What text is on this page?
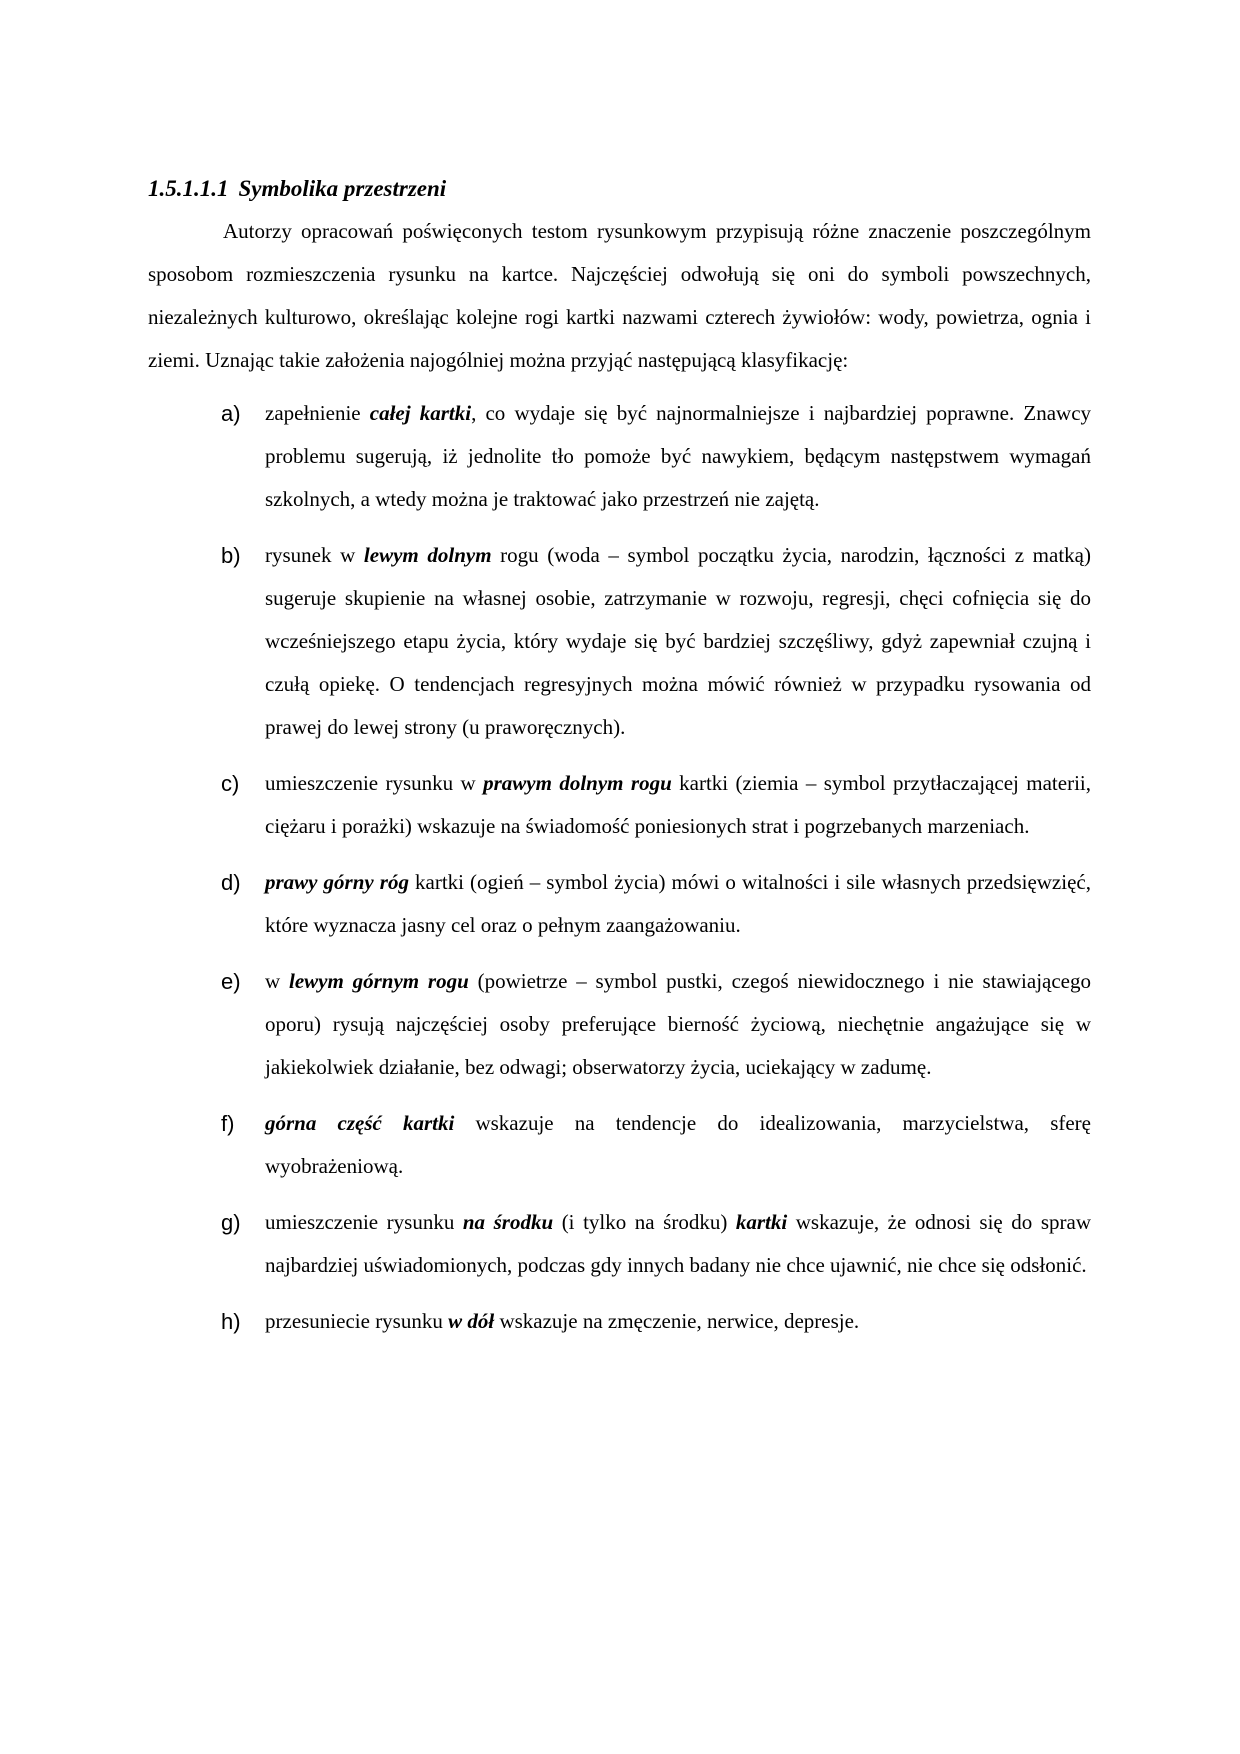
1.5.1.1.1 Symbolika przestrzeni

Autorzy opracowań poświęconych testom rysunkowym przypisują różne znaczenie poszczególnym sposobom rozmieszczenia rysunku na kartce. Najczęściej odwołują się oni do symboli powszechnych, niezależnych kulturowo, określając kolejne rogi kartki nazwami czterech żywiołów: wody, powietrza, ognia i ziemi. Uznając takie założenia najogólniej można przyjąć następującą klasyfikację:

a) zapełnienie całej kartki, co wydaje się być najnormalniejsze i najbardziej poprawne. Znawcy problemu sugerują, iż jednolite tło pomoże być nawykiem, będącym następstwem wymagań szkolnych, a wtedy można je traktować jako przestrzeń nie zajętą.
b) rysunek w lewym dolnym rogu (woda – symbol początku życia, narodzin, łączności z matką) sugeruje skupienie na własnej osobie, zatrzymanie w rozwoju, regresji, chęci cofnięcia się do wcześniejszego etapu życia, który wydaje się być bardziej szczęśliwy, gdyż zapewniał czujną i czułą opiekę. O tendencjach regresyjnych można mówić również w przypadku rysowania od prawej do lewej strony (u praworęcznych).
c) umieszczenie rysunku w prawym dolnym rogu kartki (ziemia – symbol przytłaczającej materii, ciężaru i porażki) wskazuje na świadomość poniesionych strat i pogrzebanych marzeniach.
d) prawy górny róg kartki (ogień – symbol życia) mówi o witalności i sile własnych przedsięwzięć, które wyznacza jasny cel oraz o pełnym zaangażowaniu.
e) w lewym górnym rogu (powietrze – symbol pustki, czegoś niewidocznego i nie stawiającego oporu) rysują najczęściej osoby preferujące bierność życiową, niechętnie angażujące się w jakiekolwiek działanie, bez odwagi; obserwatorzy życia, uciekający w zadumę.
f) górna część kartki wskazuje na tendencje do idealizowania, marzycielstwa, sferę wyobrażeniową.
g) umieszczenie rysunku na środku (i tylko na środku) kartki wskazuje, że odnosi się do spraw najbardziej uświadomionych, podczas gdy innych badany nie chce ujawnić, nie chce się odsłonić.
h) przesuniecie rysunku w dół wskazuje na zmęczenie, nerwice, depresje.
